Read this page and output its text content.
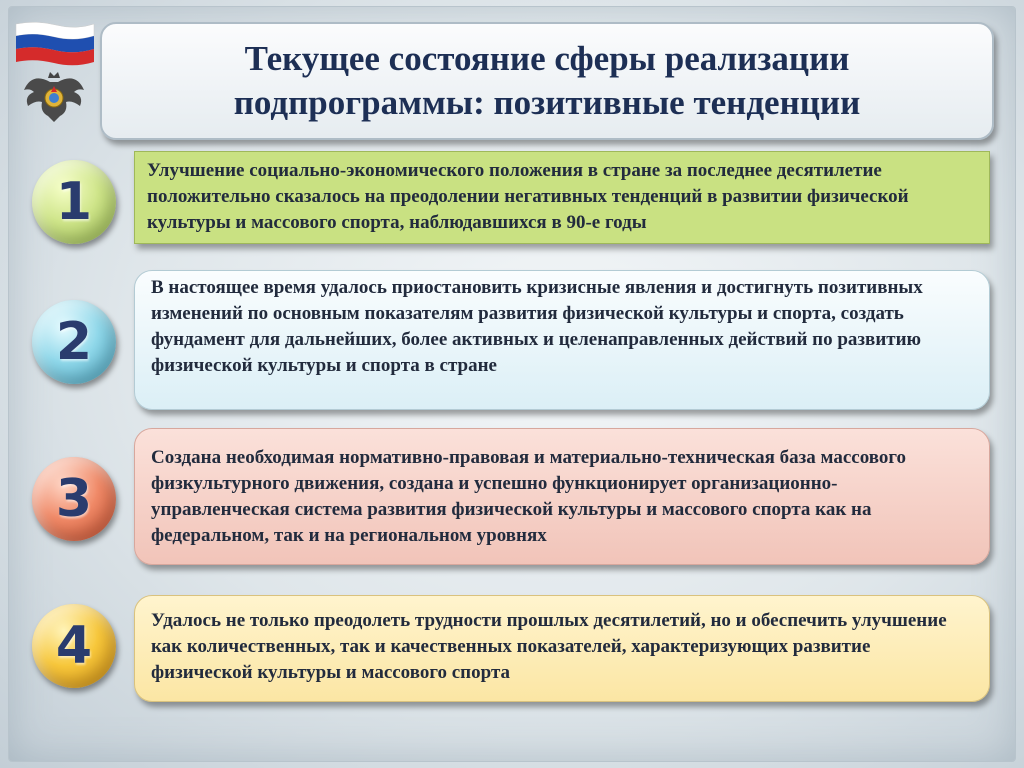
Текущее состояние сферы реализации
подпрограммы: позитивные тенденции
1
Улучшение социально-экономического положения в стране за последнее десятилетие положительно сказалось на преодолении негативных тенденций в развитии физической культуры и массового спорта, наблюдавшихся в 90-е годы
2
В настоящее время удалось приостановить кризисные явления и достигнуть позитивных изменений по основным показателям развития физической культуры и спорта, создать фундамент для дальнейших, более активных и целенаправленных действий по развитию физической культуры и спорта в стране
3
Создана необходимая нормативно-правовая и материально-техническая база массового физкультурного движения, создана и успешно функционирует организационно-управленческая система развития физической культуры и массового спорта как на федеральном, так и на региональном уровнях
4	Удалось не только преодолеть трудности прошлых десятилетий, но и обеспечить улучшение как количественных, так и качественных показателей, характеризующих развитие физической культуры и массового спорта
